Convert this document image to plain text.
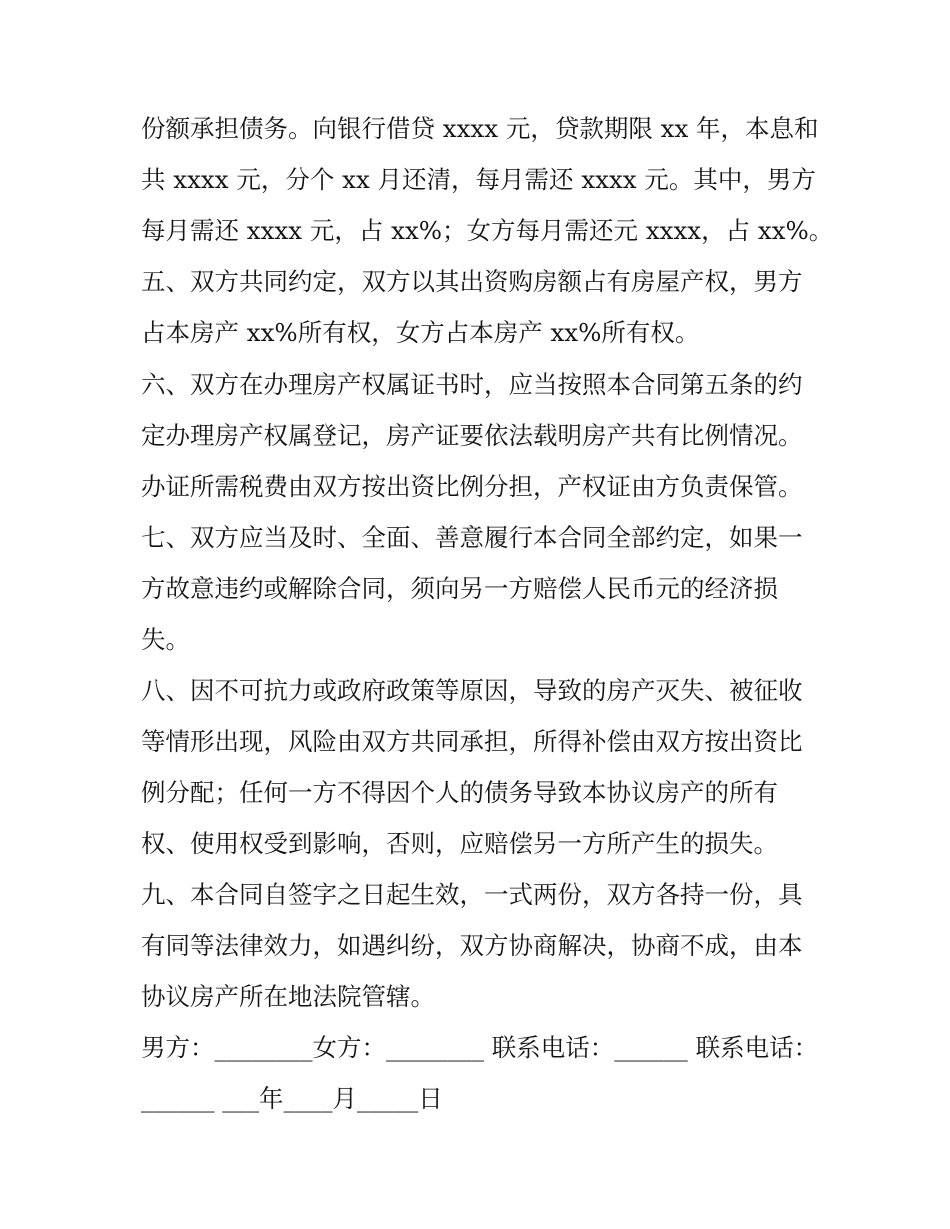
份额承担债务。向银行借贷 xxxx 元，贷款期限 xx 年，本息和
共 xxxx 元，分个 xx 月还清，每月需还 xxxx 元。其中，男方
每月需还 xxxx 元，占 xx%；女方每月需还元 xxxx，占 xx%。
五、双方共同约定，双方以其出资购房额占有房屋产权，男方
占本房产 xx%所有权，女方占本房产 xx%所有权。
六、双方在办理房产权属证书时，应当按照本合同第五条的约
定办理房产权属登记，房产证要依法载明房产共有比例情况。
办证所需税费由双方按出资比例分担，产权证由方负责保管。
七、双方应当及时、全面、善意履行本合同全部约定，如果一
方故意违约或解除合同，须向另一方赔偿人民币元的经济损
失。
八、因不可抗力或政府政策等原因，导致的房产灭失、被征收
等情形出现，风险由双方共同承担，所得补偿由双方按出资比
例分配；任何一方不得因个人的债务导致本协议房产的所有
权、使用权受到影响，否则，应赔偿另一方所产生的损失。
九、本合同自签字之日起生效，一式两份，双方各持一份，具
有同等法律效力，如遇纠纷，双方协商解决，协商不成，由本
协议房产所在地法院管辖。
男方：________女方：________ 联系电话：______ 联系电话：
______ ___年____月_____日
